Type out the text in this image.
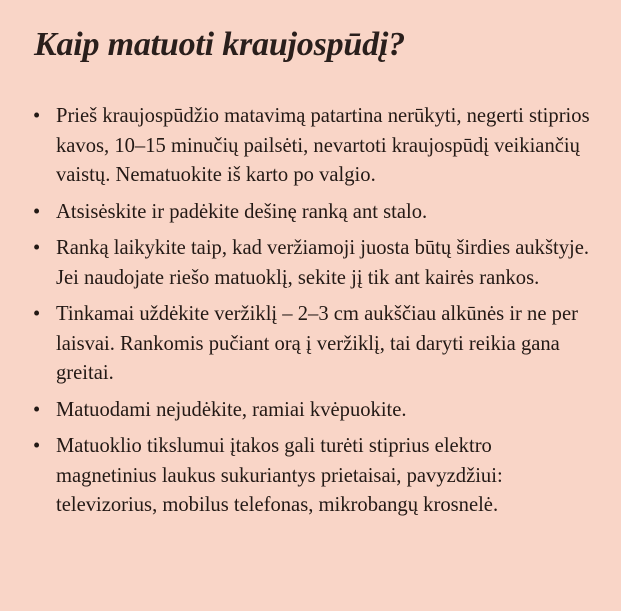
Kaip matuoti kraujospūdį?
• Prieš kraujospūdžio matavimą patartina nerūkyti, negerti stiprios kavos, 10–15 minučių pailsėti, nevartoti kraujospūdį veikiančių vaistų. Nematuokite iš karto po valgio.
• Atsisėskite ir padėkite dešinę ranką ant stalo.
• Ranką laikykite taip, kad veržiamoji juosta būtų širdies aukštyje. Jei naudojate riešo matuoklį, sekite jį tik ant kairės rankos.
• Tinkamai uždėkite veržiklį – 2–3 cm aukščiau alkūnės ir ne per laisvai. Rankomis pučiant orą į veržiklį, tai daryti reikia gana greitai.
• Matuodami nejudėkite, ramiai kvėpuokite.
• Matuoklio tikslumui įtakos gali turėti stiprius elektro magnetinius laukus sukuriantys prietaisai, pavyzdžiui: televizorius, mobilus telefonas, mikrobangų krosnelė.
